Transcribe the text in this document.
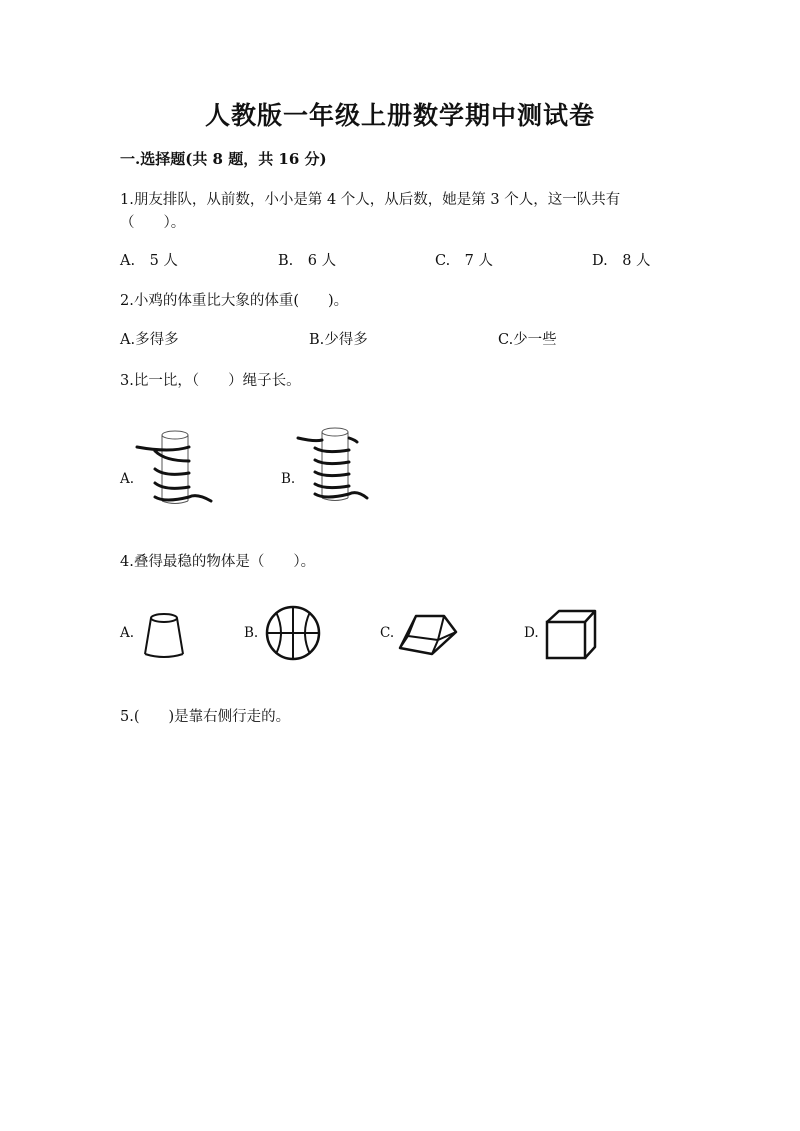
人教版一年级上册数学期中测试卷
一.选择题(共 8 题，共 16 分)
1.朋友排队，从前数，小小是第 4 个人，从后数，她是第 3 个人，这一队共有
（　　）。
A.　5 人	B.　6 人	C.　7 人	D.　8 人
2.小鸡的体重比大象的体重(　　)。
A.多得多	B.少得多	C.少一些
3.比一比，（　　）绳子长。
A.	B.
4.叠得最稳的物体是（　　）。
A.	B.	C.	D.
5.(　　)是靠右侧行走的。
